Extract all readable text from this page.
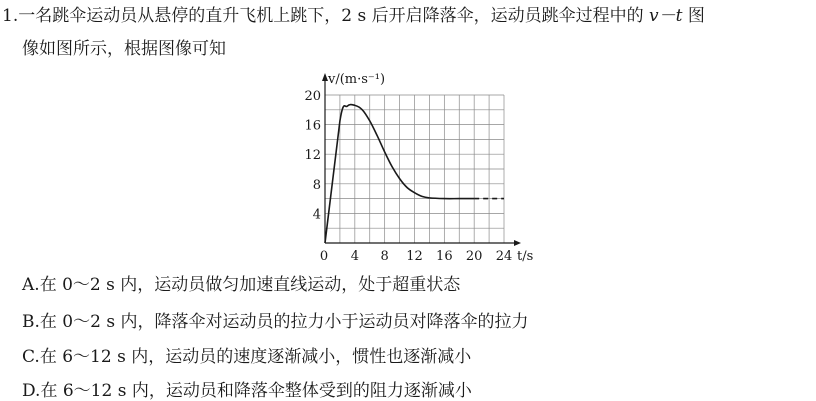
1.一名跳伞运动员从悬停的直升飞机上跳下，2 s 后开启降落伞，运动员跳伞过程中的 v－t 图
像如图所示，根据图像可知
4
8
12
16
20
4 8 12 16 20 24
v/(m·s⁻¹)
t/s
0
A.在 0～2 s 内，运动员做匀加速直线运动，处于超重状态
B.在 0～2 s 内，降落伞对运动员的拉力小于运动员对降落伞的拉力
C.在 6～12 s 内，运动员的速度逐渐减小，惯性也逐渐减小
D.在 6～12 s 内，运动员和降落伞整体受到的阻力逐渐减小
